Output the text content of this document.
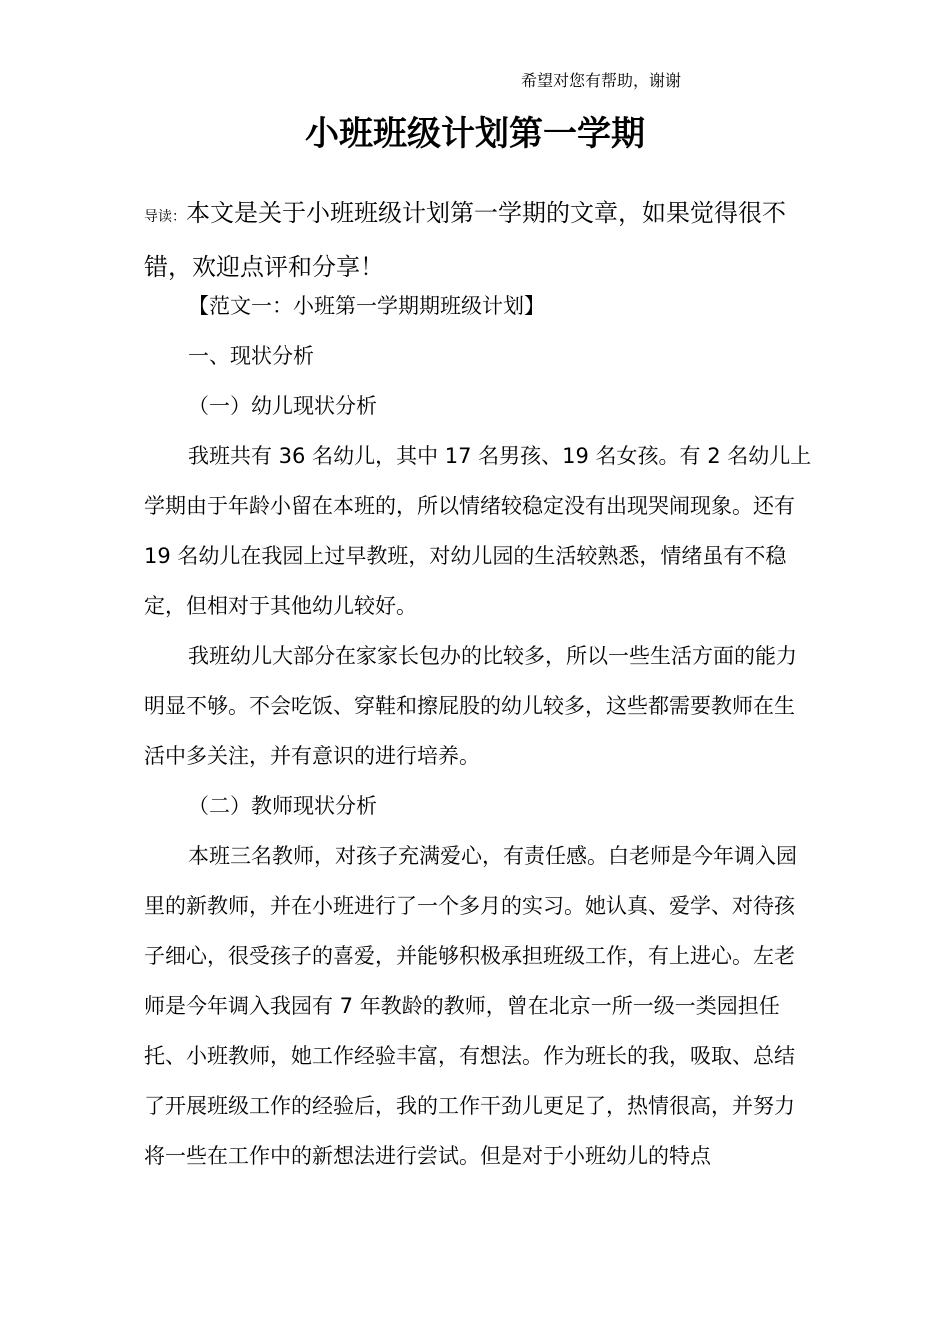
希望对您有帮助，谢谢
小班班级计划第一学期

导读：本文是关于小班班级计划第一学期的文章，如果觉得很不错，欢迎点评和分享！

【范文一：小班第一学期期班级计划】

一、现状分析

（一）幼儿现状分析

我班共有 36 名幼儿，其中 17 名男孩、19 名女孩。有 2 名幼儿上学期由于年龄小留在本班的，所以情绪较稳定没有出现哭闹现象。还有 19 名幼儿在我园上过早教班，对幼儿园的生活较熟悉，情绪虽有不稳定，但相对于其他幼儿较好。

我班幼儿大部分在家家长包办的比较多，所以一些生活方面的能力明显不够。不会吃饭、穿鞋和擦屁股的幼儿较多，这些都需要教师在生活中多关注，并有意识的进行培养。

（二）教师现状分析

本班三名教师，对孩子充满爱心，有责任感。白老师是今年调入园里的新教师，并在小班进行了一个多月的实习。她认真、爱学、对待孩子细心，很受孩子的喜爱，并能够积极承担班级工作，有上进心。左老师是今年调入我园有 7 年教龄的教师，曾在北京一所一级一类园担任托、小班教师，她工作经验丰富，有想法。作为班长的我，吸取、总结了开展班级工作的经验后，我的工作干劲儿更足了，热情很高，并努力将一些在工作中的新想法进行尝试。但是对于小班幼儿的特点
